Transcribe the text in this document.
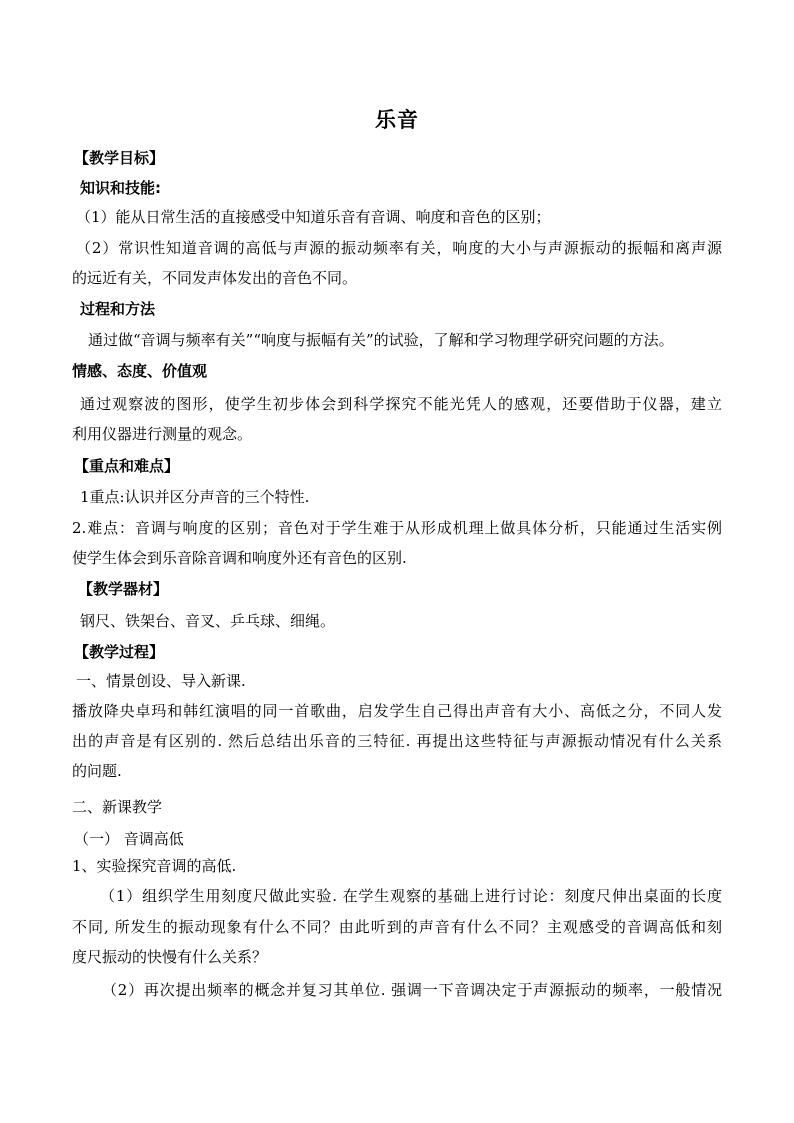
乐音
【教学目标】
知识和技能:
（1）能从日常生活的直接感受中知道乐音有音调、响度和音色的区别；
（2）常识性知道音调的高低与声源的振动频率有关，响度的大小与声源振动的振幅和离声源
的远近有关，不同发声体发出的音色不同。
过程和方法
通过做“音调与频率有关”“响度与振幅有关”的试验，了解和学习物理学研究问题的方法。
情感、态度、价值观
通过观察波的图形，使学生初步体会到科学探究不能光凭人的感观，还要借助于仪器，建立
利用仪器进行测量的观念。
【重点和难点】
1重点:认识并区分声音的三个特性.
2.难点：音调与响度的区别；音色对于学生难于从形成机理上做具体分析，只能通过生活实例
使学生体会到乐音除音调和响度外还有音色的区别.
【教学器材】
钢尺、铁架台、音叉、乒乓球、细绳。
【教学过程】
一、情景创设、导入新课.
播放降央卓玛和韩红演唱的同一首歌曲，启发学生自己得出声音有大小、高低之分，不同人发
出的声音是有区别的. 然后总结出乐音的三特征. 再提出这些特征与声源振动情况有什么关系
的问题.
二、新课教学
（一） 音调高低
1、实验探究音调的高低.
（1）组织学生用刻度尺做此实验. 在学生观察的基础上进行讨论：刻度尺伸出桌面的长度
不同, 所发生的振动现象有什么不同？由此听到的声音有什么不同？主观感受的音调高低和刻
度尺振动的快慢有什么关系？
（2）再次提出频率的概念并复习其单位. 强调一下音调决定于声源振动的频率，一般情况
